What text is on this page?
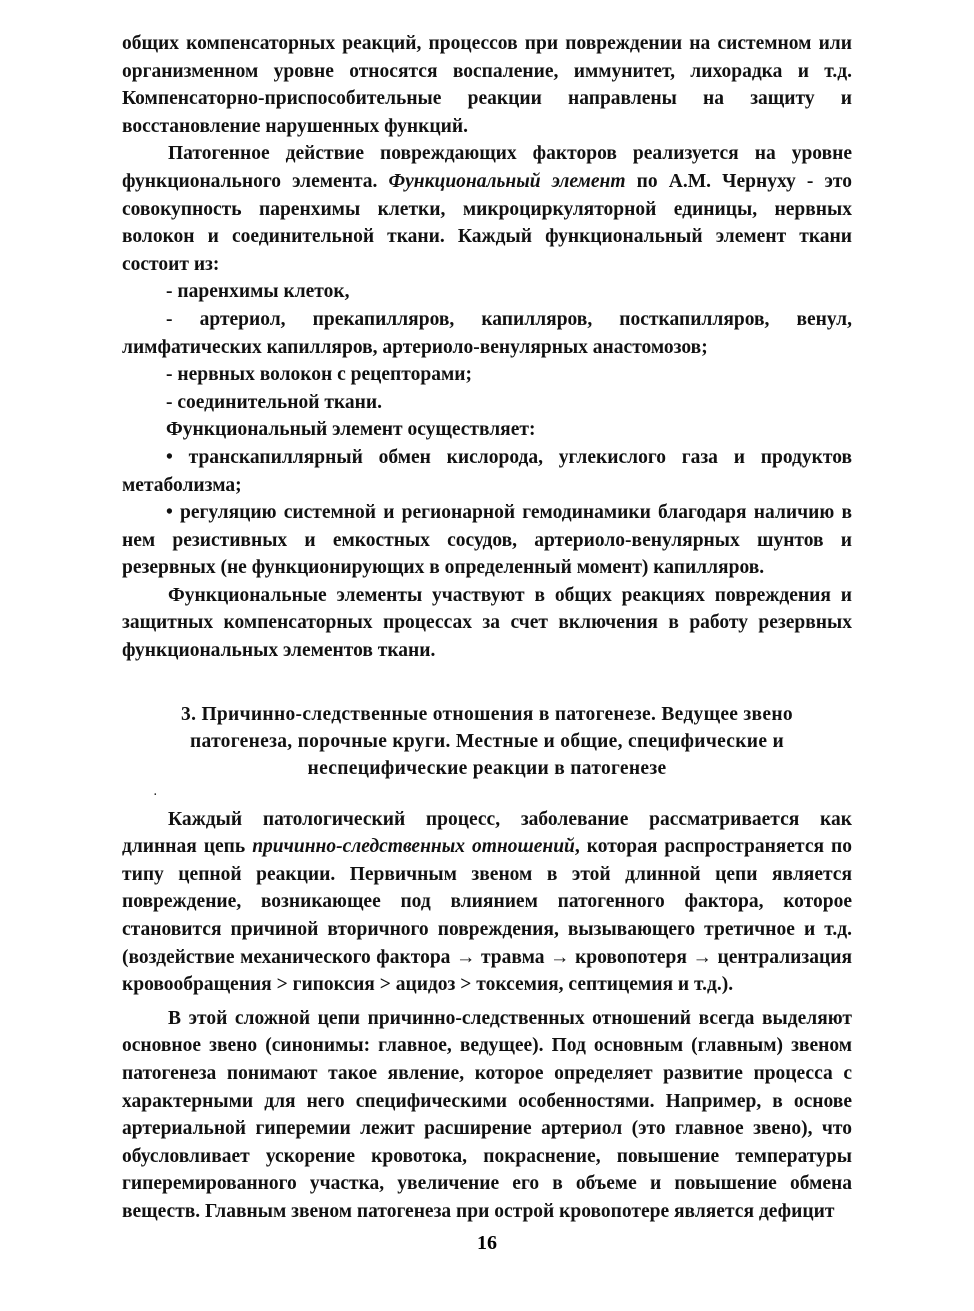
общих компенсаторных реакций, процессов при повреждении на системном или организменном уровне относятся воспаление, иммунитет, лихорадка и т.д. Компенсаторно-приспособительные реакции направлены на защиту и восстановление нарушенных функций.

Патогенное действие повреждающих факторов реализуется на уровне функционального элемента. Функциональный элемент по А.М. Чернуху - это совокупность паренхимы клетки, микроциркуляторной единицы, нервных волокон и соединительной ткани. Каждый функциональный элемент ткани состоит из:

- паренхимы клеток,

- артериол, прекапилляров, капилляров, посткапилляров, венул, лимфатических капилляров, артериоло-венулярных анастомозов;

- нервных волокон с рецепторами;

- соединительной ткани.

Функциональный элемент осуществляет:

• транскапиллярный обмен кислорода, углекислого газа и продуктов метаболизма;

• регуляцию системной и регионарной гемодинамики благодаря наличию в нем резистивных и емкостных сосудов, артериоло-венулярных шунтов и резервных (не функционирующих в определенный момент) капилляров.

Функциональные элементы участвуют в общих реакциях повреждения и защитных компенсаторных процессах за счет включения в работу резервных функциональных элементов ткани.

3. Причинно-следственные отношения в патогенезе. Ведущее звено патогенеза, порочные круги. Местные и общие, специфические и неспецифические реакции в патогенезе

.

Каждый патологический процесс, заболевание рассматривается как длинная цепь причинно-следственных отношений, которая распространяется по типу цепной реакции. Первичным звеном в этой длинной цепи является повреждение, возникающее под влиянием патогенного фактора, которое становится причиной вторичного повреждения, вызывающего третичное и т.д. (воздействие механического фактора → травма → кровопотеря → централизация кровообращения > гипоксия > ацидоз > токсемия, септицемия и т.д.).

В этой сложной цепи причинно-следственных отношений всегда выделяют основное звено (синонимы: главное, ведущее). Под основным (главным) звеном патогенеза понимают такое явление, которое определяет развитие процесса с характерными для него специфическими особенностями. Например, в основе артериальной гиперемии лежит расширение артериол (это главное звено), что обусловливает ускорение кровотока, покраснение, повышение температуры гиперемированного участка, увеличение его в объеме и повышение обмена веществ. Главным звеном патогенеза при острой кровопотере является дефицит

16
